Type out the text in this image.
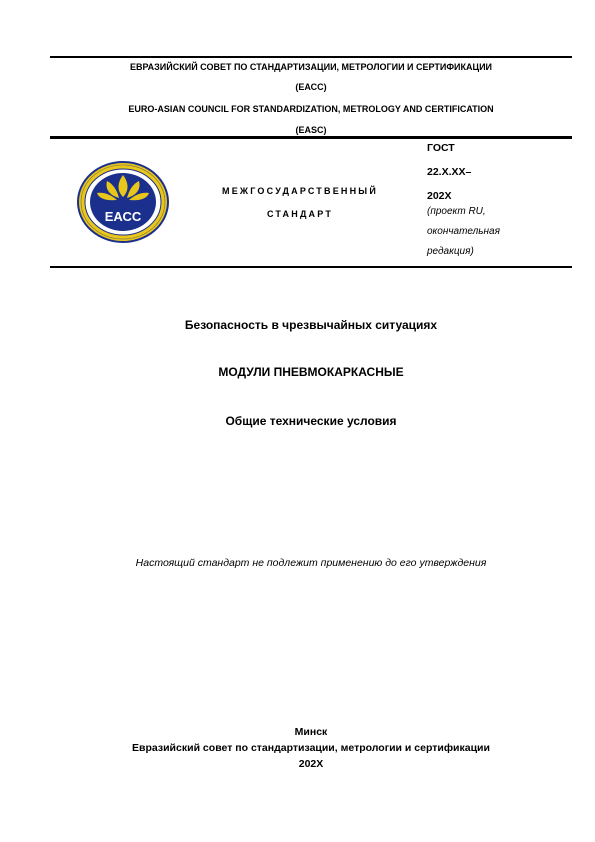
ЕВРАЗИЙСКИЙ СОВЕТ ПО СТАНДАРТИЗАЦИИ, МЕТРОЛОГИИ И СЕРТИФИКАЦИИ
(ЕАСС)
EURO-ASIAN COUNCIL FOR STANDARDIZATION, METROLOGY AND CERTIFICATION
(EASC)
ЕАСС
МЕЖГОСУДАРСТВЕННЫЙ
СТАНДАРТ
ГОСТ
22.Х.ХХ–
202Х
(проект RU,
окончательная
редакция)
Безопасность в чрезвычайных ситуациях
МОДУЛИ ПНЕВМОКАРКАСНЫЕ
Общие технические условия
Настоящий стандарт не подлежит применению до его утверждения
Минск
Евразийский совет по стандартизации, метрологии и сертификации
202Х
